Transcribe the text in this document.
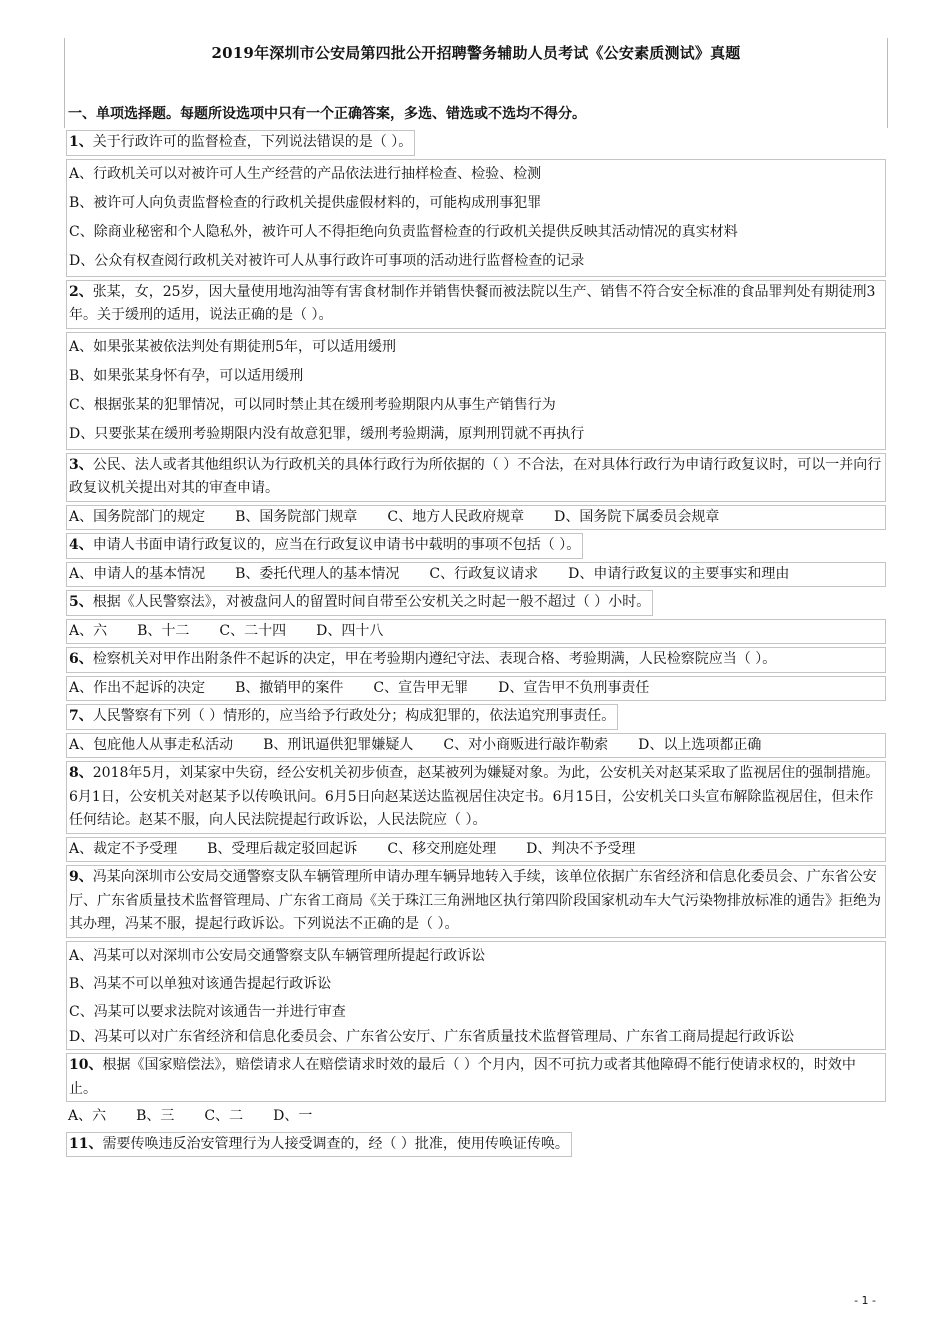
2019年深圳市公安局第四批公开招聘警务辅助人员考试《公安素质测试》真题
一、单项选择题。每题所设选项中只有一个正确答案，多选、错选或不选均不得分。
1、关于行政许可的监督检查，下列说法错误的是（ ）。
A、行政机关可以对被许可人生产经营的产品依法进行抽样检查、检验、检测
B、被许可人向负责监督检查的行政机关提供虚假材料的，可能构成刑事犯罪
C、除商业秘密和个人隐私外，被许可人不得拒绝向负责监督检查的行政机关提供反映其活动情况的真实材料
D、公众有权查阅行政机关对被许可人从事行政许可事项的活动进行监督检查的记录
2、张某，女，25岁，因大量使用地沟油等有害食材制作并销售快餐而被法院以生产、销售不符合安全标准的食品罪判处有期徒刑3年。关于缓刑的适用，说法正确的是（ ）。
A、如果张某被依法判处有期徒刑5年，可以适用缓刑
B、如果张某身怀有孕，可以适用缓刑
C、根据张某的犯罪情况，可以同时禁止其在缓刑考验期限内从事生产销售行为
D、只要张某在缓刑考验期限内没有故意犯罪，缓刑考验期满，原判刑罚就不再执行
3、公民、法人或者其他组织认为行政机关的具体行政行为所依据的（ ）不合法，在对具体行政行为申请行政复议时，可以一并向行政复议机关提出对其的审查申请。
A、国务院部门的规定 B、国务院部门规章 C、地方人民政府规章 D、国务院下属委员会规章
4、申请人书面申请行政复议的，应当在行政复议申请书中载明的事项不包括（ ）。
A、申请人的基本情况 B、委托代理人的基本情况 C、行政复议请求 D、申请行政复议的主要事实和理由
5、根据《人民警察法》，对被盘问人的留置时间自带至公安机关之时起一般不超过（ ）小时。
A、六 B、十二 C、二十四 D、四十八
6、检察机关对甲作出附条件不起诉的决定，甲在考验期内遵纪守法、表现合格、考验期满，人民检察院应当（ ）。
A、作出不起诉的决定 B、撤销甲的案件 C、宣告甲无罪 D、宣告甲不负刑事责任
7、人民警察有下列（ ）情形的，应当给予行政处分；构成犯罪的，依法追究刑事责任。
A、包庇他人从事走私活动 B、刑讯逼供犯罪嫌疑人 C、对小商贩进行敲诈勒索 D、以上选项都正确
8、2018年5月，刘某家中失窃，经公安机关初步侦查，赵某被列为嫌疑对象。为此，公安机关对赵某采取了监视居住的强制措施。6月1日，公安机关对赵某予以传唤讯问。6月5日向赵某送达监视居住决定书。6月15日，公安机关口头宣布解除监视居住，但未作任何结论。赵某不服，向人民法院提起行政诉讼，人民法院应（ ）。
A、裁定不予受理 B、受理后裁定驳回起诉 C、移交刑庭处理 D、判决不予受理
9、冯某向深圳市公安局交通警察支队车辆管理所申请办理车辆异地转入手续，该单位依据广东省经济和信息化委员会、广东省公安厅、广东省质量技术监督管理局、广东省工商局《关于珠江三角洲地区执行第四阶段国家机动车大气污染物排放标准的通告》拒绝为其办理，冯某不服，提起行政诉讼。下列说法不正确的是（ ）。
A、冯某可以对深圳市公安局交通警察支队车辆管理所提起行政诉讼
B、冯某不可以单独对该通告提起行政诉讼
C、冯某可以要求法院对该通告一并进行审查
D、冯某可以对广东省经济和信息化委员会、广东省公安厅、广东省质量技术监督管理局、广东省工商局提起行政诉讼
10、根据《国家赔偿法》，赔偿请求人在赔偿请求时效的最后（ ）个月内，因不可抗力或者其他障碍不能行使请求权的，时效中止。
A、六 B、三 C、二 D、一
11、需要传唤违反治安管理行为人接受调查的，经（ ）批准，使用传唤证传唤。
- 1 -
